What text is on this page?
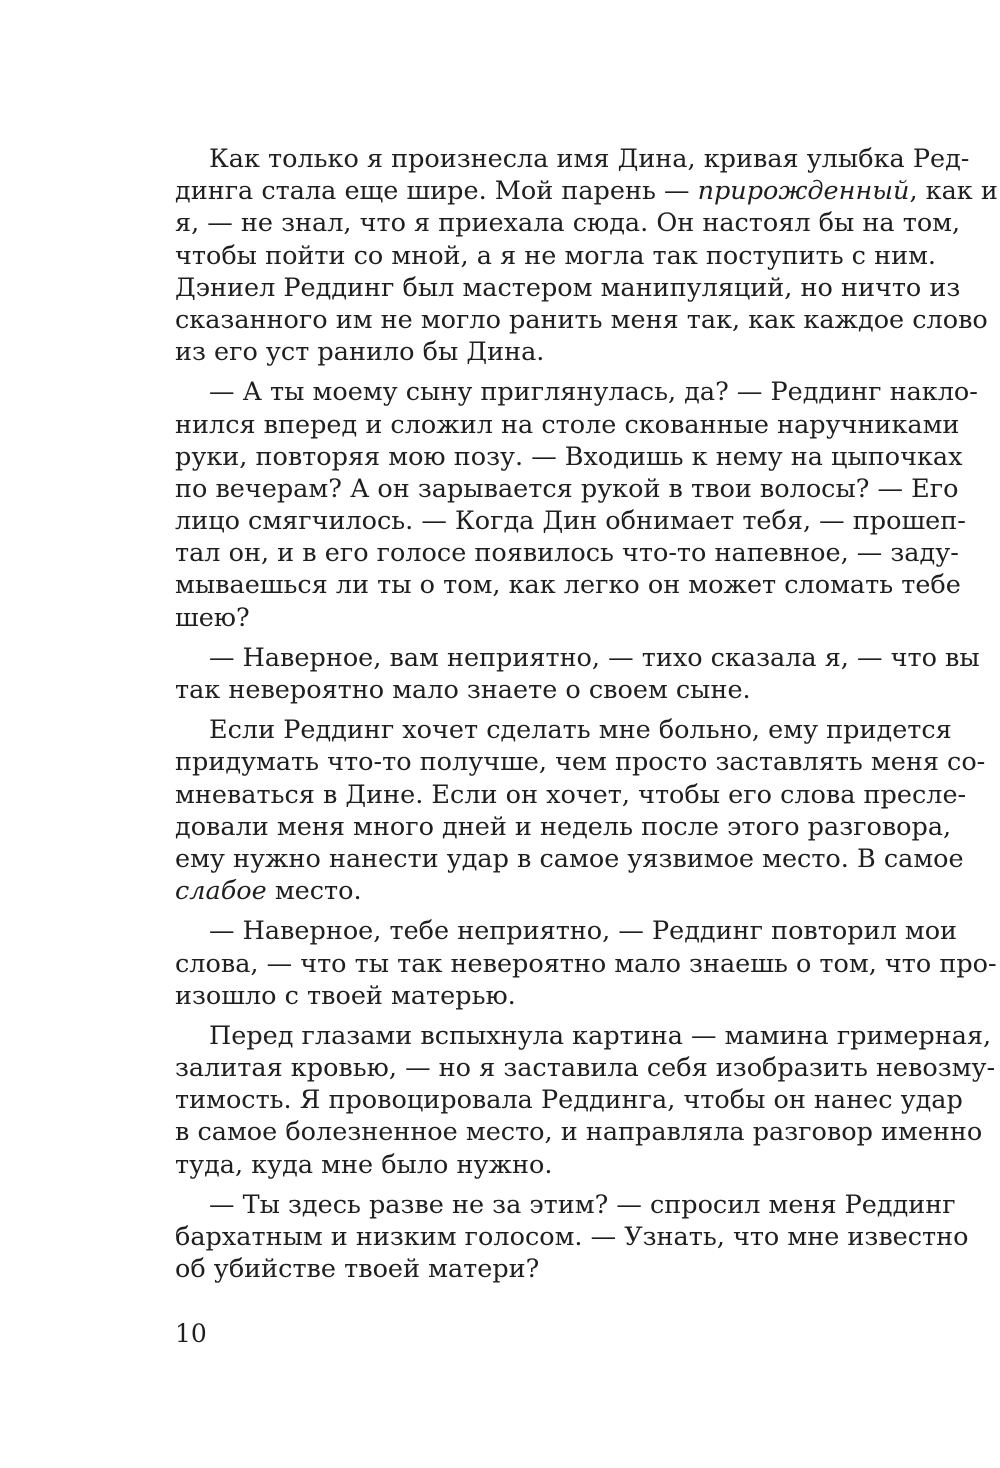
Как только я произнесла имя Дина, кривая улыбка Ред-
динга стала еще шире. Мой парень — прирожденный, как и
я, — не знал, что я приехала сюда. Он настоял бы на том,
чтобы пойти со мной, а я не могла так поступить с ним.
Дэниел Реддинг был мастером манипуляций, но ничто из
сказанного им не могло ранить меня так, как каждое слово
из его уст ранило бы Дина.
— А ты моему сыну приглянулась, да? — Реддинг накло-
нился вперед и сложил на столе скованные наручниками
руки, повторяя мою позу. — Входишь к нему на цыпочках
по вечерам? А он зарывается рукой в твои волосы? — Его
лицо смягчилось. — Когда Дин обнимает тебя, — прошеп-
тал он, и в его голосе появилось что-то напевное, — заду-
мываешься ли ты о том, как легко он может сломать тебе
шею?
— Наверное, вам неприятно, — тихо сказала я, — что вы
так невероятно мало знаете о своем сыне.
Если Реддинг хочет сделать мне больно, ему придется
придумать что-то получше, чем просто заставлять меня со-
мневаться в Дине. Если он хочет, чтобы его слова пресле-
довали меня много дней и недель после этого разговора,
ему нужно нанести удар в самое уязвимое место. В самое
слабое место.
— Наверное, тебе неприятно, — Реддинг повторил мои
слова, — что ты так невероятно мало знаешь о том, что про-
изошло с твоей матерью.
Перед глазами вспыхнула картина — мамина гримерная,
залитая кровью, — но я заставила себя изобразить невозму-
тимость. Я провоцировала Реддинга, чтобы он нанес удар
в самое болезненное место, и направляла разговор именно
туда, куда мне было нужно.
— Ты здесь разве не за этим? — спросил меня Реддинг
бархатным и низким голосом. — Узнать, что мне известно
об убийстве твоей матери?
10
